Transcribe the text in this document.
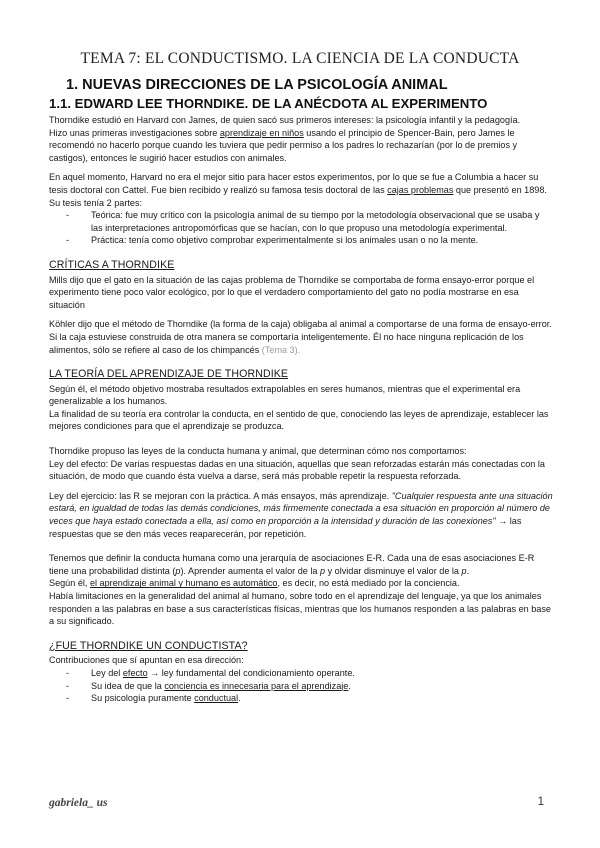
TEMA 7: EL CONDUCTISMO. LA CIENCIA DE LA CONDUCTA
1. NUEVAS DIRECCIONES DE LA PSICOLOGÍA ANIMAL
1.1. EDWARD LEE THORNDIKE. DE LA ANÉCDOTA AL EXPERIMENTO

Thorndike estudió en Harvard con James, de quien sacó sus primeros intereses: la psicología infantil y la pedagogía.

Hizo unas primeras investigaciones sobre aprendizaje en niños usando el principio de Spencer-Bain, pero James le recomendó no hacerlo porque cuando les tuviera que pedir permiso a los padres lo rechazarían (por lo de premios y castigos), entonces le sugirió hacer estudios con animales.

En aquel momento, Harvard no era el mejor sitio para hacer estos experimentos, por lo que se fue a Columbia a hacer su tesis doctoral con Cattel. Fue bien recibido y realizó su famosa tesis doctoral de las cajas problemas que presentó en 1898. Su tesis tenía 2 partes:

- Teórica: fue muy crítico con la psicología animal de su tiempo por la metodología observacional que se usaba y las interpretaciones antropomórficas que se hacían, con lo que propuso una metodología experimental.
- Práctica: tenía como objetivo comprobar experimentalmente si los animales usan o no la mente.

CRÍTICAS A THORNDIKE

Mills dijo que el gato en la situación de las cajas problema de Thorndike se comportaba de forma ensayo-error porque el experimento tiene poco valor ecológico, por lo que el verdadero comportamiento del gato no podía mostrarse en esa situación

Köhler dijo que el método de Thorndike (la forma de la caja) obligaba al animal a comportarse de una forma de ensayo-error. Si la caja estuviese construida de otra manera se comportaría inteligentemente. Él no hace ninguna replicación de los alimentos, sólo se refiere al caso de los chimpancés (Tema 3).

LA TEORÍA DEL APRENDIZAJE DE THORNDIKE

Según él, el método objetivo mostraba resultados extrapolables en seres humanos, mientras que el experimental era generalizable a los humanos.

La finalidad de su teoría era controlar la conducta, en el sentido de que, conociendo las leyes de aprendizaje, establecer las mejores condiciones para que el aprendizaje se produzca.

Thorndike propuso las leyes de la conducta humana y animal, que determinan cómo nos comportamos:

Ley del efecto: De varias respuestas dadas en una situación, aquellas que sean reforzadas estarán más conectadas con la situación, de modo que cuando ésta vuelva a darse, será más probable repetir la respuesta reforzada.

Ley del ejercicio: las R se mejoran con la práctica. A más ensayos, más aprendizaje. "Cualquier respuesta ante una situación estará, en igualdad de todas las demás condiciones, más firmemente conectada a esa situación en proporción al número de veces que haya estado conectada a ella, así como en proporción a la intensidad y duración de las conexiones" → las respuestas que se den más veces reaparecerán, por repetición.

Tenemos que definir la conducta humana como una jerarquía de asociaciones E-R. Cada una de esas asociaciones E-R tiene una probabilidad distinta (p). Aprender aumenta el valor de la p y olvidar disminuye el valor de la p.

Según él, el aprendizaje animal y humano es automático, es decir, no está mediado por la conciencia.

Había limitaciones en la generalidad del animal al humano, sobre todo en el aprendizaje del lenguaje, ya que los animales responden a las palabras en base a sus características físicas, mientras que los humanos responden a las palabras en base a su significado.

¿FUE THORNDIKE UN CONDUCTISTA?

Contribuciones que sí apuntan en esa dirección:

- Ley del efecto → ley fundamental del condicionamiento operante.
- Su idea de que la conciencia es innecesaria para el aprendizaje.
- Su psicología puramente conductual.
gabriela_ us	1
